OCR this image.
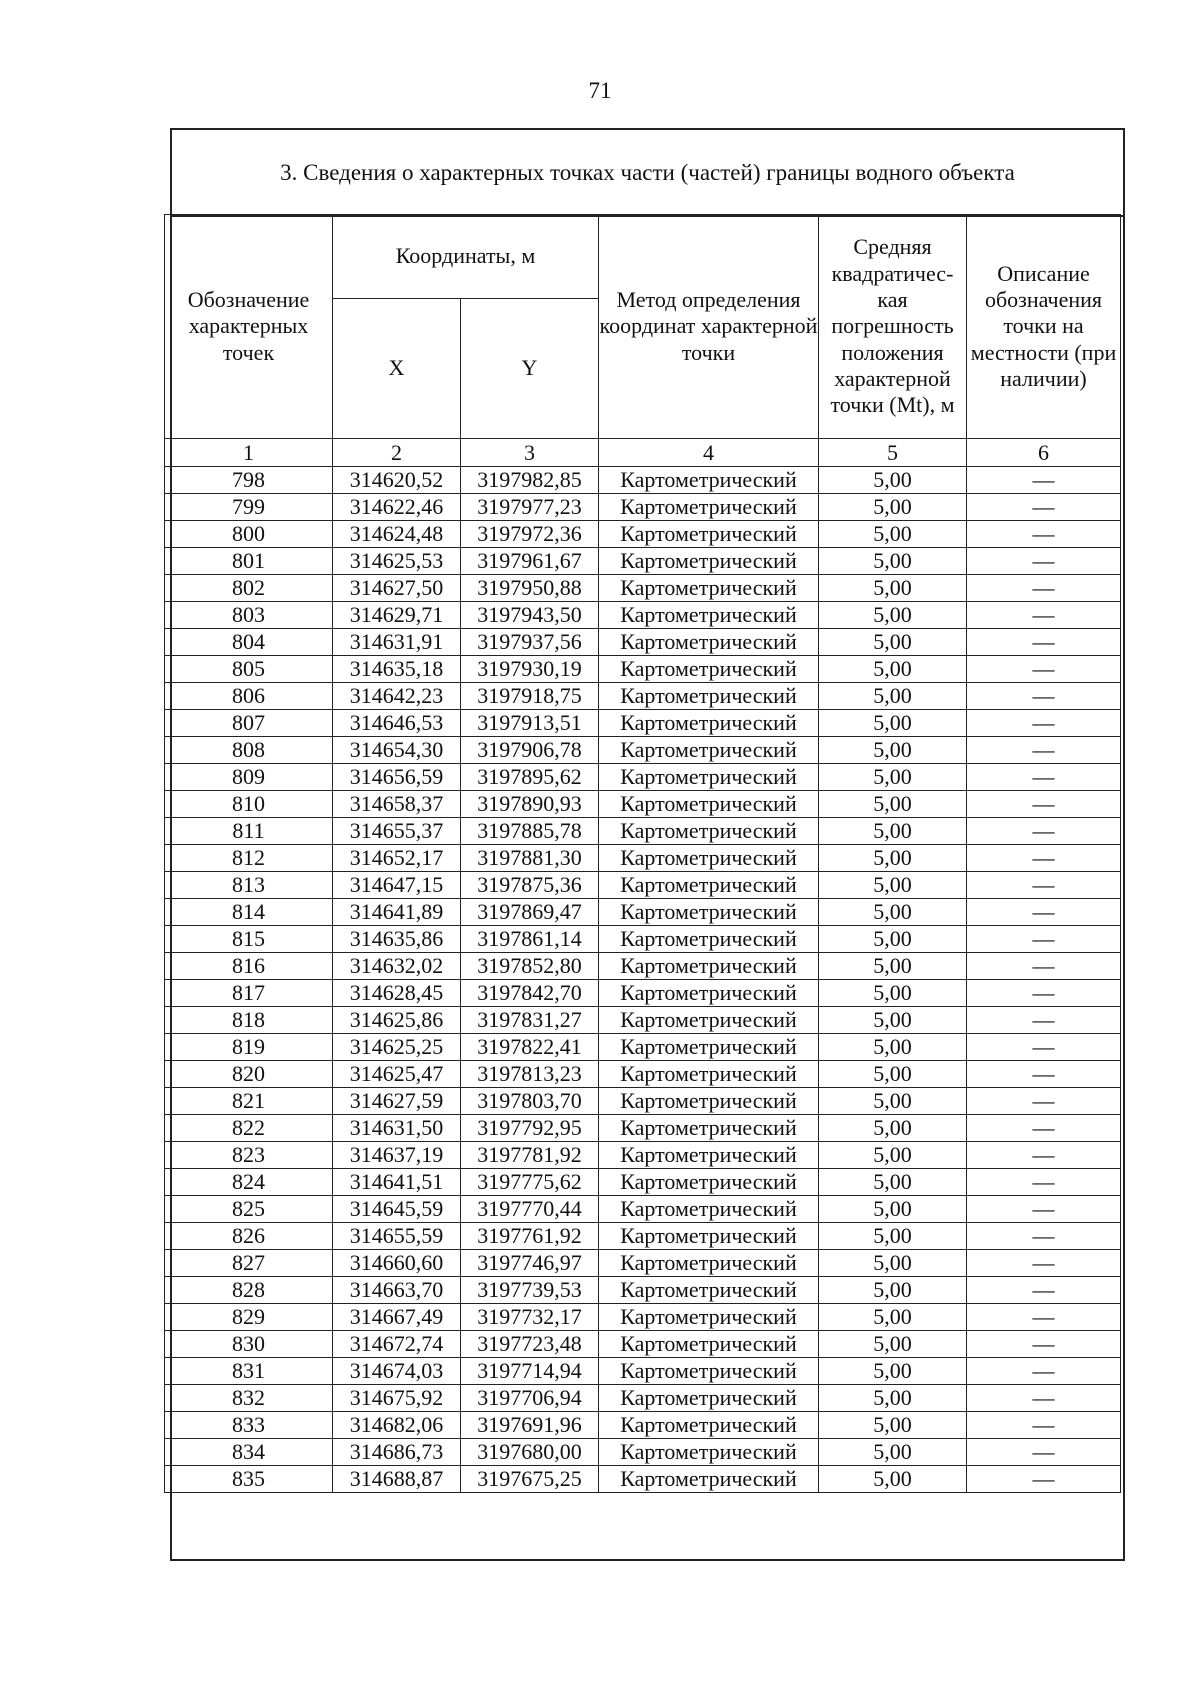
71
3. Сведения о характерных точках части (частей) границы водного объекта
Обозначение характерных точек	Координаты, м		Метод определения координат характерной точки	Средняя квадратичес-кая погрешность положения характерной точки (Mt), м	Описание обозначения точки на местности (при наличии)
	X	Y			
1	2	3	4	5	6
798	314620,52	3197982,85	Картометрический	5,00	—
799	314622,46	3197977,23	Картометрический	5,00	—
800	314624,48	3197972,36	Картометрический	5,00	—
801	314625,53	3197961,67	Картометрический	5,00	—
802	314627,50	3197950,88	Картометрический	5,00	—
803	314629,71	3197943,50	Картометрический	5,00	—
804	314631,91	3197937,56	Картометрический	5,00	—
805	314635,18	3197930,19	Картометрический	5,00	—
806	314642,23	3197918,75	Картометрический	5,00	—
807	314646,53	3197913,51	Картометрический	5,00	—
808	314654,30	3197906,78	Картометрический	5,00	—
809	314656,59	3197895,62	Картометрический	5,00	—
810	314658,37	3197890,93	Картометрический	5,00	—
811	314655,37	3197885,78	Картометрический	5,00	—
812	314652,17	3197881,30	Картометрический	5,00	—
813	314647,15	3197875,36	Картометрический	5,00	—
814	314641,89	3197869,47	Картометрический	5,00	—
815	314635,86	3197861,14	Картометрический	5,00	—
816	314632,02	3197852,80	Картометрический	5,00	—
817	314628,45	3197842,70	Картометрический	5,00	—
818	314625,86	3197831,27	Картометрический	5,00	—
819	314625,25	3197822,41	Картометрический	5,00	—
820	314625,47	3197813,23	Картометрический	5,00	—
821	314627,59	3197803,70	Картометрический	5,00	—
822	314631,50	3197792,95	Картометрический	5,00	—
823	314637,19	3197781,92	Картометрический	5,00	—
824	314641,51	3197775,62	Картометрический	5,00	—
825	314645,59	3197770,44	Картометрический	5,00	—
826	314655,59	3197761,92	Картометрический	5,00	—
827	314660,60	3197746,97	Картометрический	5,00	—
828	314663,70	3197739,53	Картометрический	5,00	—
829	314667,49	3197732,17	Картометрический	5,00	—
830	314672,74	3197723,48	Картометрический	5,00	—
831	314674,03	3197714,94	Картометрический	5,00	—
832	314675,92	3197706,94	Картометрический	5,00	—
833	314682,06	3197691,96	Картометрический	5,00	—
834	314686,73	3197680,00	Картометрический	5,00	—
835	314688,87	3197675,25	Картометрический	5,00	—
